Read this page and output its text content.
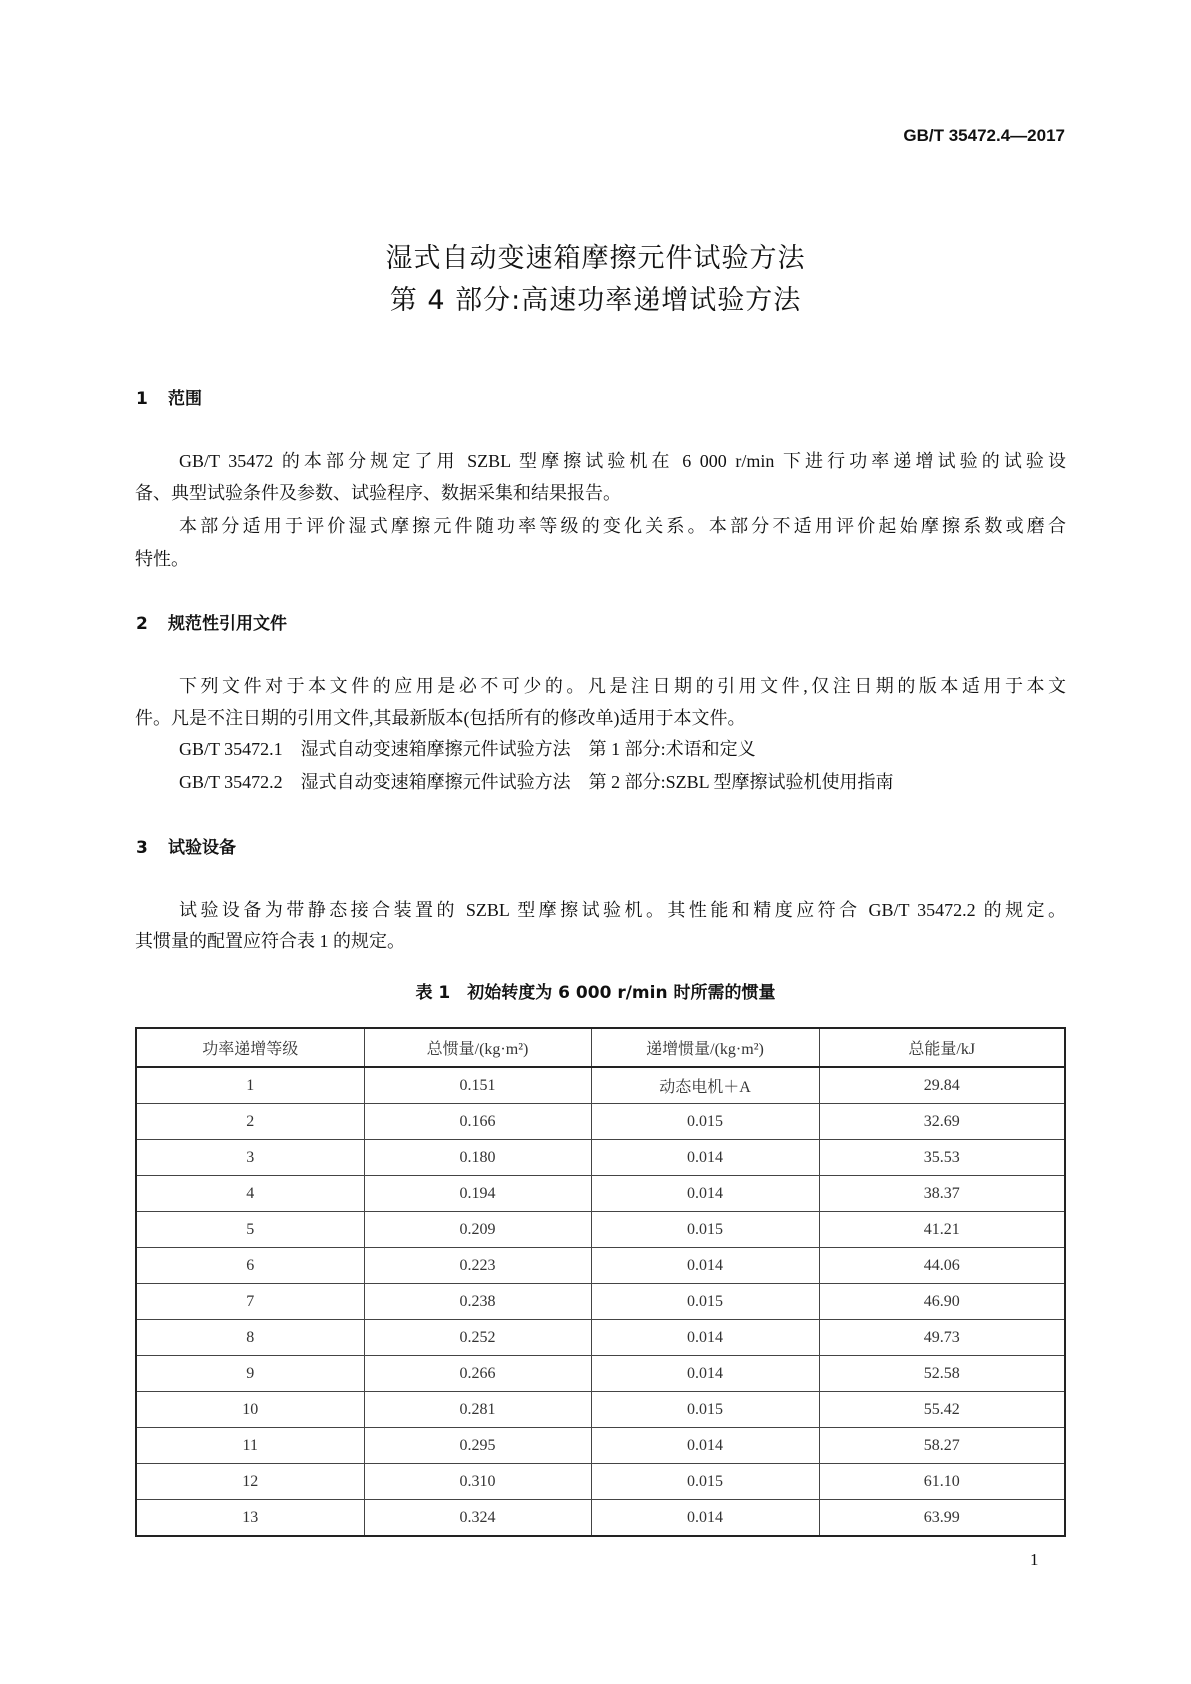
GB/T 35472.4—2017
湿式自动变速箱摩擦元件试验方法
第 4 部分:高速功率递增试验方法
1 范围
GB/T 35472 的本部分规定了用 SZBL 型摩擦试验机在 6 000 r/min 下进行功率递增试验的试验设
备、典型试验条件及参数、试验程序、数据采集和结果报告。
本部分适用于评价湿式摩擦元件随功率等级的变化关系。本部分不适用评价起始摩擦系数或磨合
特性。
2 规范性引用文件
下列文件对于本文件的应用是必不可少的。凡是注日期的引用文件,仅注日期的版本适用于本文
件。凡是不注日期的引用文件,其最新版本(包括所有的修改单)适用于本文件。
GB/T 35472.1　湿式自动变速箱摩擦元件试验方法　第 1 部分:术语和定义
GB/T 35472.2　湿式自动变速箱摩擦元件试验方法　第 2 部分:SZBL 型摩擦试验机使用指南
3 试验设备
试验设备为带静态接合装置的 SZBL 型摩擦试验机。其性能和精度应符合 GB/T 35472.2 的规定。
其惯量的配置应符合表 1 的规定。
表 1　初始转度为 6 000 r/min 时所需的惯量
功率递增等级	总惯量/(kg·m²)	递增惯量/(kg·m²)	总能量/kJ
1	0.151	动态电机＋A	29.84
2	0.166	0.015	32.69
3	0.180	0.014	35.53
4	0.194	0.014	38.37
5	0.209	0.015	41.21
6	0.223	0.014	44.06
7	0.238	0.015	46.90
8	0.252	0.014	49.73
9	0.266	0.014	52.58
10	0.281	0.015	55.42
11	0.295	0.014	58.27
12	0.310	0.015	61.10
13	0.324	0.014	63.99
1
